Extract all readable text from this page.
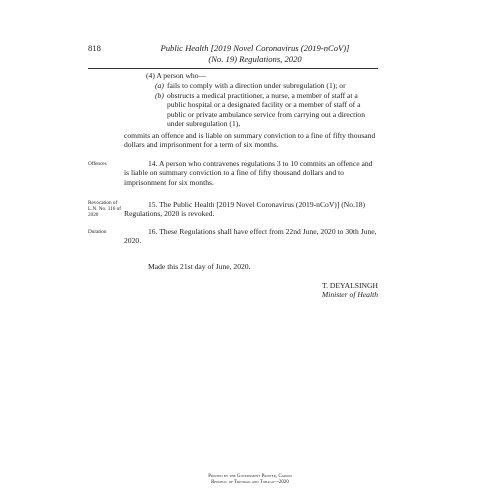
818	Public Health [2019 Novel Coronavirus (2019-nCoV)]
(No. 19) Regulations, 2020
(4) A person who—
(a) fails to comply with a direction under subregulation (1); or
(b) obstructs a medical practitioner, a nurse, a member of staff at a public hospital or a designated facility or a member of staff of a public or private ambulance service from carrying out a direction under subregulation (1),
commits an offence and is liable on summary conviction to a fine of fifty thousand dollars and imprisonment for a term of six months.
Offences	14. A person who contravenes regulations 3 to 10 commits an offence and is liable on summary conviction to a fine of fifty thousand dollars and to imprisonment for six months.
Revocation of L.N. No. 116 of 2020
15. The Public Health [2019 Novel Coronavirus (2019-nCoV)] (No.18) Regulations, 2020 is revoked.
Duration	16. These Regulations shall have effect from 22nd June, 2020 to 30th June, 2020.
Made this 21st day of June, 2020.
T. DEYALSINGH
Minister of Health
Printed by the Government Printer, Caroni
Republic of Trinidad and Tobago—2020
